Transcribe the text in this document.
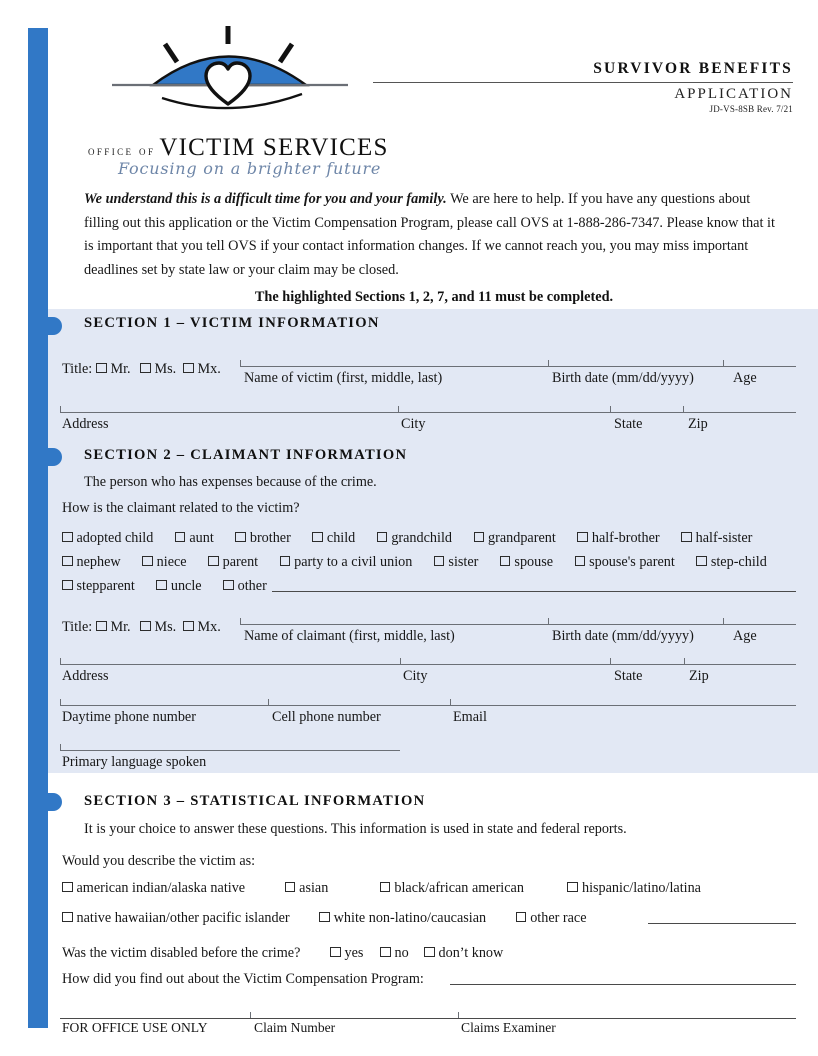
office of VICTIM SERVICES
Focusing on a brighter future
SURVIVOR BENEFITS
APPLICATION
JD-VS-8SB Rev. 7/21
We understand this is a difficult time for you and your family. We are here to help. If you have any questions about filling out this application or the Victim Compensation Program, please call OVS at 1-888-286-7347. Please know that it is important that you tell OVS if your contact information changes. If we cannot reach you, you may miss important deadlines set by state law or your claim may be closed.
The highlighted Sections 1, 2, 7, and 11 must be completed.
SECTION 1 – VICTIM INFORMATION
Title:	Mr.	Ms.	Mx.
Name of victim (first, middle, last)	Birth date (mm/dd/yyyy)	Age
Address	City	State	Zip
SECTION 2 – CLAIMANT INFORMATION
The person who has expenses because of the crime.
How is the claimant related to the victim?
adopted child	aunt	brother	child	grandchild	grandparent	half-brother	half-sister
nephew	niece	parent	party to a civil union	sister	spouse	spouse's parent	step-child
stepparent	uncle	other
Title:	Mr.	Ms.	Mx.
Name of claimant (first, middle, last)	Birth date (mm/dd/yyyy)	Age
Address	City	State	Zip
Daytime phone number	Cell phone number	Email
Primary language spoken
SECTION 3 – STATISTICAL INFORMATION
It is your choice to answer these questions. This information is used in state and federal reports.
Would you describe the victim as:
american indian/alaska native	asian	black/african american	hispanic/latino/latina
native hawaiian/other pacific islander	white non-latino/caucasian	other race
Was the victim disabled before the crime?	yes	no	don’t know
How did you find out about the Victim Compensation Program:
FOR OFFICE USE ONLY	Claim Number	Claims Examiner
